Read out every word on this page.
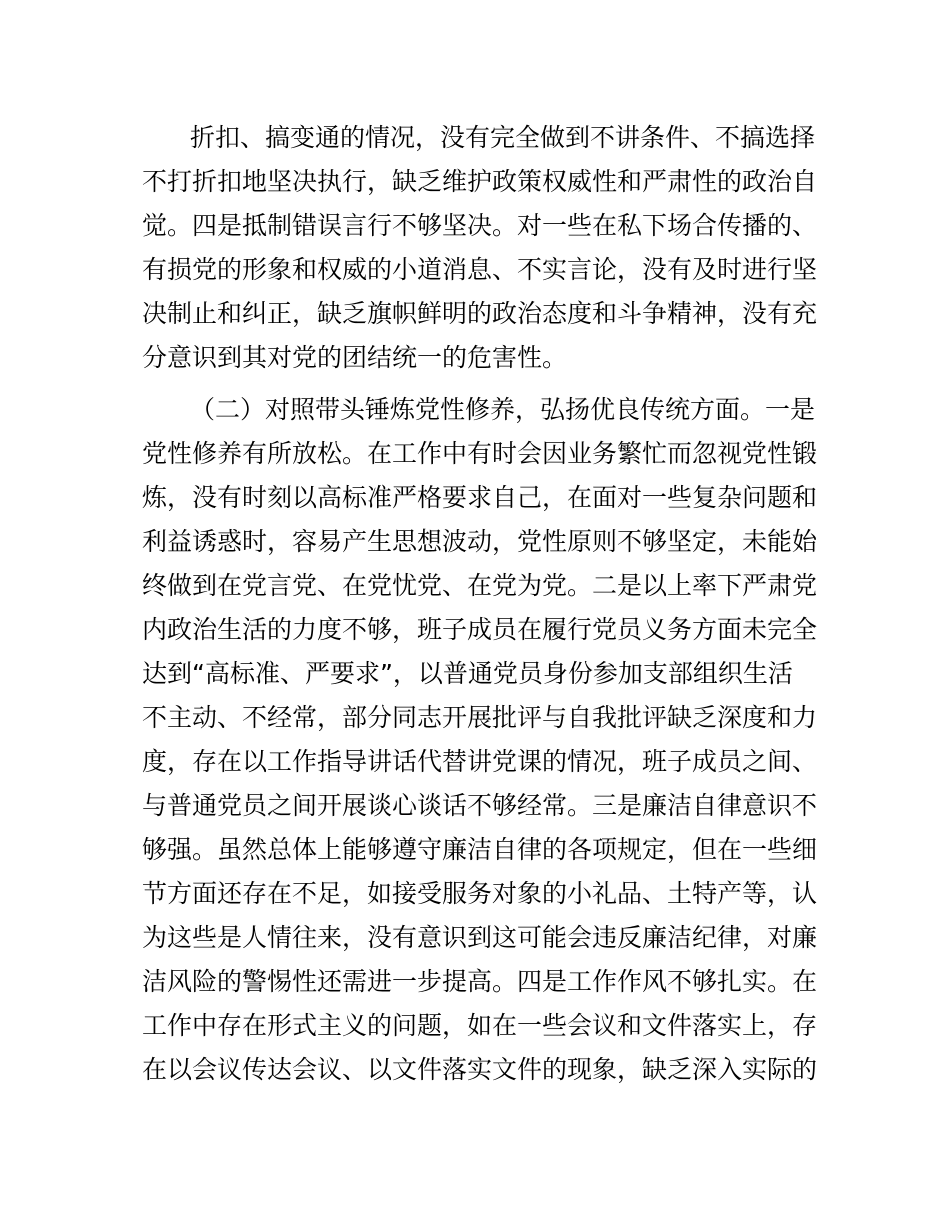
折扣、搞变通的情况，没有完全做到不讲条件、不搞选择
不打折扣地坚决执行，缺乏维护政策权威性和严肃性的政治自
觉。四是抵制错误言行不够坚决。对一些在私下场合传播的、
有损党的形象和权威的小道消息、不实言论，没有及时进行坚
决制止和纠正，缺乏旗帜鲜明的政治态度和斗争精神，没有充
分意识到其对党的团结统一的危害性。
（二）对照带头锤炼党性修养，弘扬优良传统方面。一是
党性修养有所放松。在工作中有时会因业务繁忙而忽视党性锻
炼，没有时刻以高标准严格要求自己，在面对一些复杂问题和
利益诱惑时，容易产生思想波动，党性原则不够坚定，未能始
终做到在党言党、在党忧党、在党为党。二是以上率下严肃党
内政治生活的力度不够，班子成员在履行党员义务方面未完全
达到“高标准、严要求”，以普通党员身份参加支部组织生活
不主动、不经常，部分同志开展批评与自我批评缺乏深度和力
度，存在以工作指导讲话代替讲党课的情况，班子成员之间、
与普通党员之间开展谈心谈话不够经常。三是廉洁自律意识不
够强。虽然总体上能够遵守廉洁自律的各项规定，但在一些细
节方面还存在不足，如接受服务对象的小礼品、土特产等，认
为这些是人情往来，没有意识到这可能会违反廉洁纪律，对廉
洁风险的警惕性还需进一步提高。四是工作作风不够扎实。在
工作中存在形式主义的问题，如在一些会议和文件落实上，存
在以会议传达会议、以文件落实文件的现象，缺乏深入实际的
